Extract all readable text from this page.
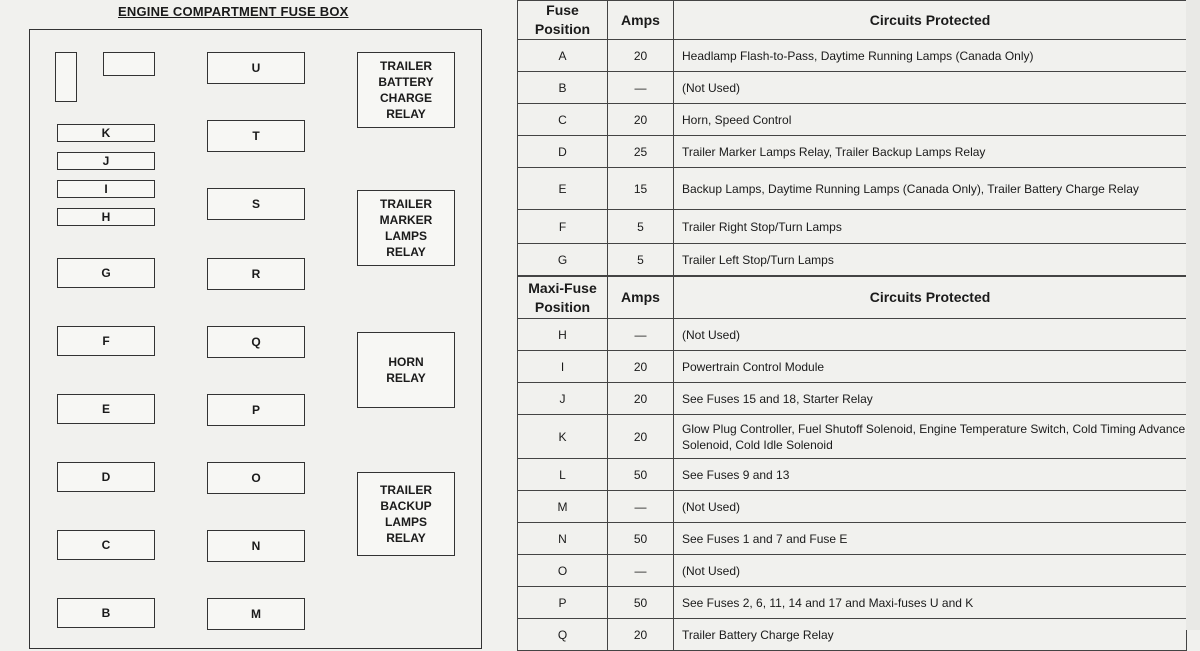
ENGINE COMPARTMENT FUSE BOX
K
J
I
H
G
F
E
D
C
B
U
T
S
R
Q
P
O
N
M
TRAILER
BATTERY
CHARGE
RELAY
TRAILER
MARKER
LAMPS
RELAY
HORN
RELAY
TRAILER
BACKUP
LAMPS
RELAY
Fuse Position	Amps	Circuits Protected
A	20	Headlamp Flash-to-Pass, Daytime Running Lamps (Canada Only)
B	—	(Not Used)
C	20	Horn, Speed Control
D	25	Trailer Marker Lamps Relay, Trailer Backup Lamps Relay
E	15	Backup Lamps, Daytime Running Lamps (Canada Only), Trailer Battery Charge Relay
F	5	Trailer Right Stop/Turn Lamps
G	5	Trailer Left Stop/Turn Lamps
Maxi-Fuse Position	Amps	Circuits Protected
H	—	(Not Used)
I	20	Powertrain Control Module
J	20	See Fuses 15 and 18, Starter Relay
K	20	Glow Plug Controller, Fuel Shutoff Solenoid, Engine Temperature Switch, Cold Timing Advance Solenoid, Cold Idle Solenoid
L	50	See Fuses 9 and 13
M	—	(Not Used)
N	50	See Fuses 1 and 7 and Fuse E
O	—	(Not Used)
P	50	See Fuses 2, 6, 11, 14 and 17 and Maxi-fuses U and K
Q	20	Trailer Battery Charge Relay
